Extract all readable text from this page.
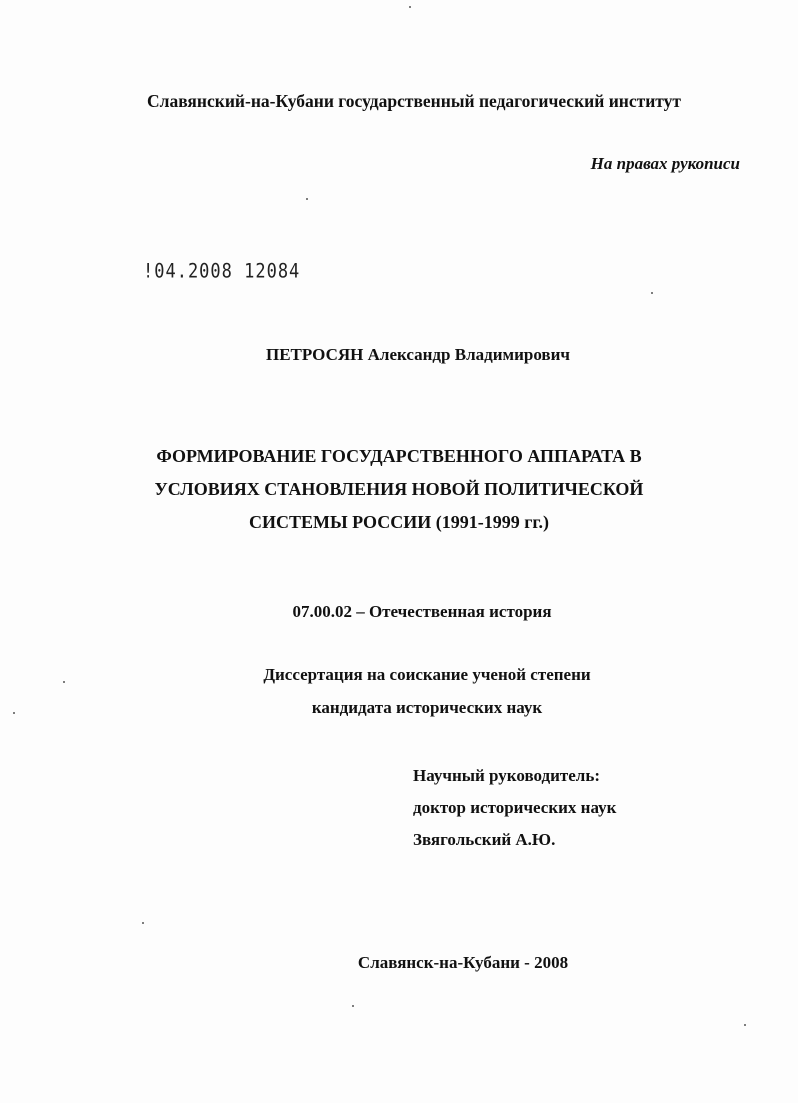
Славянский-на-Кубани государственный педагогический институт
На правах рукописи
!04.2008 12084
ПЕТРОСЯН Александр Владимирович
ФОРМИРОВАНИЕ ГОСУДАРСТВЕННОГО АППАРАТА В
УСЛОВИЯХ СТАНОВЛЕНИЯ НОВОЙ ПОЛИТИЧЕСКОЙ
СИСТЕМЫ РОССИИ (1991-1999 гг.)
07.00.02 – Отечественная история
Диссертация на соискание ученой степени
кандидата исторических наук
Научный руководитель:
доктор исторических наук
Звягольский А.Ю.
Славянск-на-Кубани - 2008
